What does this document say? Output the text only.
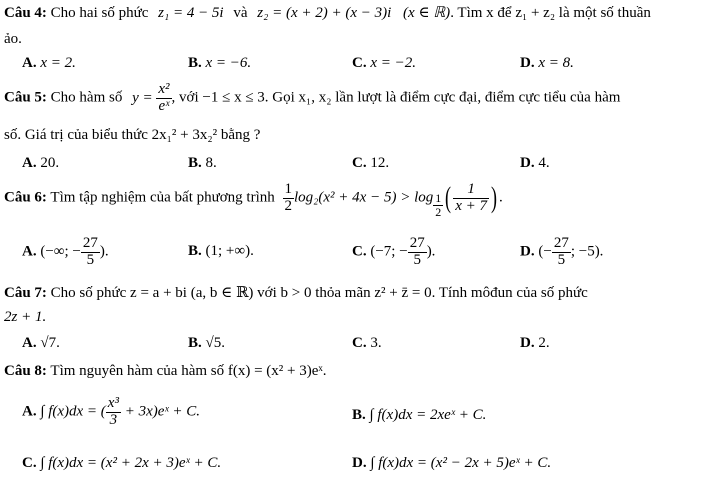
Câu 4: Cho hai số phức z₁ = 4 − 5i và z₂ = (x + 2) + (x − 3)i (x ∈ ℝ). Tìm x để z₁ + z₂ là một số thuần
ảo.
A. x = 2.	B. x = −6.	C. x = −2.	D. x = 8.
Câu 5: Cho hàm số $y = \frac{\text{x²}}{\text{eˣ}}$ , với −1 ≤ x ≤ 3. Gọi x₁, x₂ lần lượt là điểm cực đại, điểm cực tiểu của hàm
số. Giá trị của biểu thức 2x₁² + 3x₂² bằng ?
A. 20.	B. 8.	C. 12.	D. 4.
Câu 6: Tìm tập nghiệm của bất phương trình $\frac{1}{2} \log_2(x^2 + 4x - 5) > \log \frac{1}{2}$ ( $\frac{1}{x + 7}$ ) .
A. (−∞; − $\frac{27}{5}$ ).	B. (1; +∞).	C. (−7; − $\frac{27}{5}$ ).	D. (− $\frac{27}{5}$ ; −5).
Câu 7: Cho số phức z = a + bi (a, b ∈ ℝ) với b > 0 thỏa mãn z² + z̄ = 0. Tính môđun của số phức
2z + 1.
A. √7.	B. √5.	C. 3.	D. 2.
Câu 8: Tìm nguyên hàm của hàm số f(x) = (x² + 3)eˣ.
A. ∫ f(x)dx = ( $\frac{\text{x³}}{3}$ + 3x)eˣ + C.	B. ∫ f(x)dx = 2xeˣ + C.
C. ∫ f(x)dx = (x² + 2x + 3)eˣ + C.	D. ∫ f(x)dx = (x² − 2x + 5)eˣ + C.
